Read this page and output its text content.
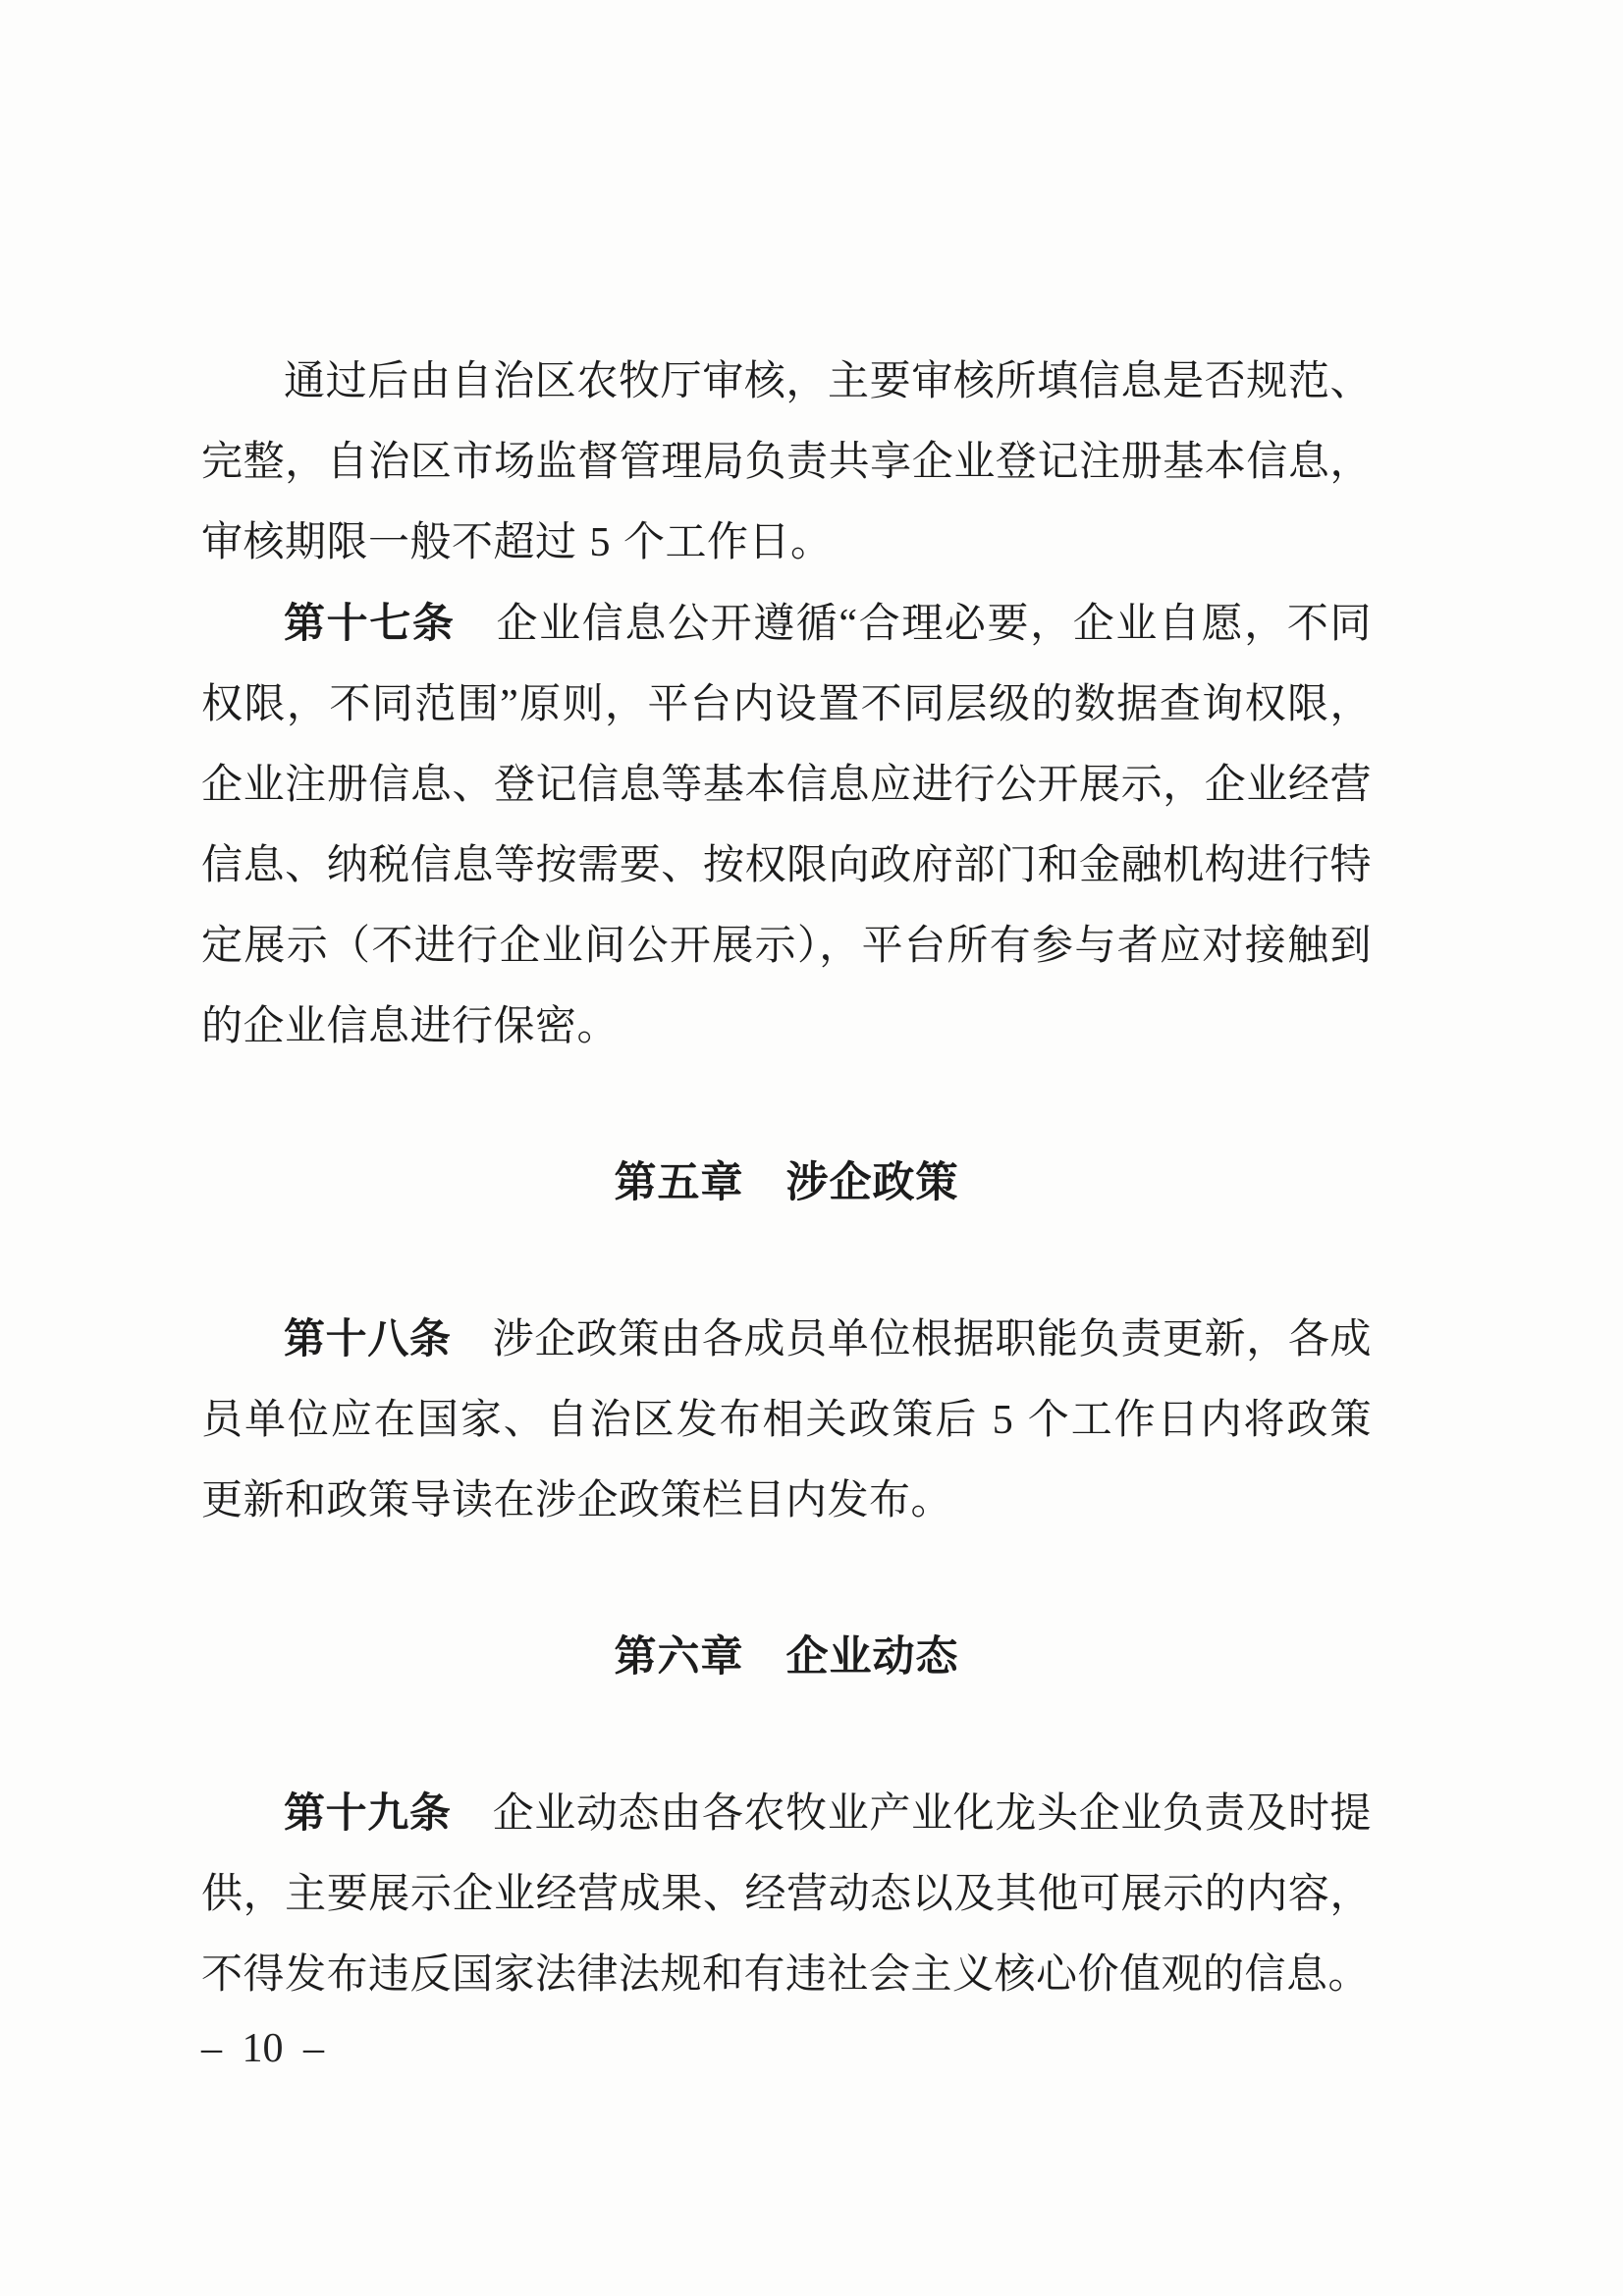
通过后由自治区农牧厅审核，主要审核所填信息是否规范、完整，自治区市场监督管理局负责共享企业登记注册基本信息，审核期限一般不超过 5 个工作日。

第十七条 企业信息公开遵循“合理必要，企业自愿，不同权限，不同范围”原则，平台内设置不同层级的数据查询权限，企业注册信息、登记信息等基本信息应进行公开展示，企业经营信息、纳税信息等按需要、按权限向政府部门和金融机构进行特定展示（不进行企业间公开展示），平台所有参与者应对接触到的企业信息进行保密。

第五章 涉企政策

第十八条 涉企政策由各成员单位根据职能负责更新，各成员单位应在国家、自治区发布相关政策后 5 个工作日内将政策更新和政策导读在涉企政策栏目内发布。

第六章 企业动态

第十九条 企业动态由各农牧业产业化龙头企业负责及时提供，主要展示企业经营成果、经营动态以及其他可展示的内容，不得发布违反国家法律法规和有违社会主义核心价值观的信息。

– 10 –
